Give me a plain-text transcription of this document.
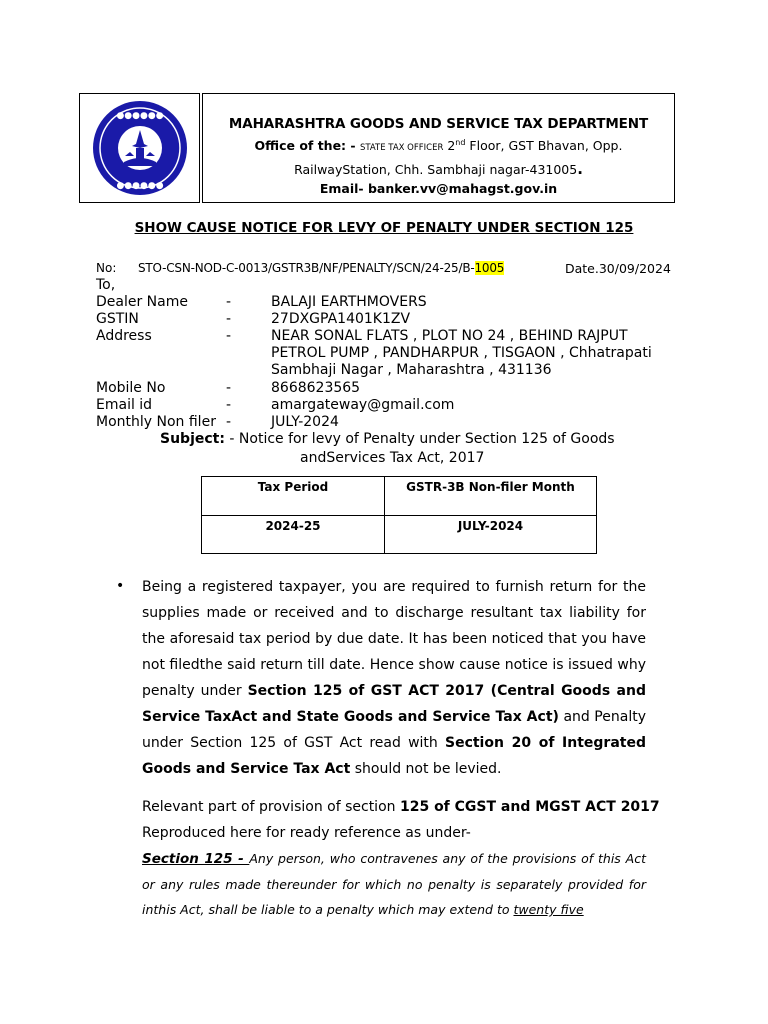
●●●●●●
●●●●●●
MAHARASHTRA GOODS AND SERVICE TAX DEPARTMENT
Office of the: - STATE TAX OFFICER 2nd Floor, GST Bhavan, Opp.
RailwayStation, Chh. Sambhaji nagar-431005.
Email- banker.vv@mahagst.gov.in
SHOW CAUSE NOTICE FOR LEVY OF PENALTY UNDER SECTION 125
No: STO-CSN-NOD-C-0013/GSTR3B/NF/PENALTY/SCN/24-25/B-1005	Date.30/09/2024
To,
Dealer Name	-	BALAJI EARTHMOVERS
GSTIN	-	27DXGPA1401K1ZV
Address	-	NEAR SONAL FLATS , PLOT NO 24 , BEHIND RAJPUT PETROL PUMP , PANDHARPUR , TISGAON , Chhatrapati Sambhaji Nagar , Maharashtra , 431136
Mobile No	-	8668623565
Email id	-	amargateway@gmail.com
Monthly Non filer -	JULY-2024
Subject: - Notice for levy of Penalty under Section 125 of Goods
andServices Tax Act, 2017
Tax Period	GSTR-3B Non-filer Month
2024-25	JULY-2024
• Being a registered taxpayer, you are required to furnish return for the supplies made or received and to discharge resultant tax liability for the aforesaid tax period by due date. It has been noticed that you have not filedthe said return till date. Hence show cause notice is issued why penalty under Section 125 of GST ACT 2017 (Central Goods and Service TaxAct and State Goods and Service Tax Act) and Penalty under Section 125 of GST Act read with Section 20 of Integrated Goods and Service Tax Act should not be levied.
Relevant part of provision of section 125 of CGST and MGST ACT 2017
Reproduced here for ready reference as under-
Section 125 - Any person, who contravenes any of the provisions of this Act or any rules made thereunder for which no penalty is separately provided for inthis Act, shall be liable to a penalty which may extend to twenty five
